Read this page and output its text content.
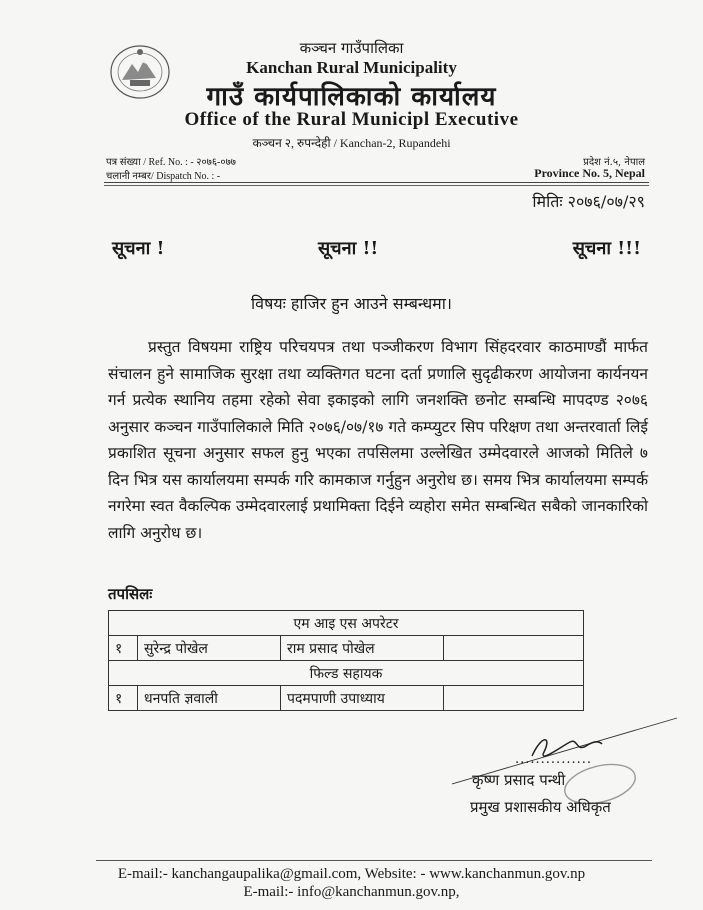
कञ्चन गाउँपालिका
Kanchan Rural Municipality
गाउँ कार्यपालिकाको कार्यालय
Office of the Rural Municipl Executive
कञ्चन २, रुपन्देही / Kanchan-2, Rupandehi
पत्र संख्या / Ref. No. : - २०७६-०७७
चलानी नम्बर/ Dispatch No. : -
प्रदेश नं.५, नेपाल
Province No. 5, Nepal
मितिः २०७६/०७/२९
सूचना !	सूचना !!	सूचना !!!
विषयः हाजिर हुन आउने सम्बन्धमा।
प्रस्तुत विषयमा राष्ट्रिय परिचयपत्र तथा पञ्जीकरण विभाग सिंहदरवार काठमाण्डौं मार्फत संचालन हुने सामाजिक सुरक्षा तथा व्यक्तिगत घटना दर्ता प्रणालि सुदृढीकरण आयोजना कार्यनयन गर्न प्रत्येक स्थानिय तहमा रहेको सेवा इकाइको लागि जनशक्ति छनोट सम्बन्धि मापदण्ड २०७६ अनुसार कञ्चन गाउँपालिकाले मिति २०७६/०७/१७ गते कम्प्युटर सिप परिक्षण तथा अन्तरवार्ता लिई प्रकाशित सूचना अनुसार सफल हुनु भएका तपसिलमा उल्लेखित उम्मेदवारले आजको मितिले ७ दिन भित्र यस कार्यालयमा सम्पर्क गरि कामकाज गर्नुहुन अनुरोध छ। समय भित्र कार्यालयमा सम्पर्क नगरेमा स्वत वैकल्पिक उम्मेदवारलाई प्रथामिक्ता दिईने व्यहोरा समेत सम्बन्धित सबैको जानकारिको लागि अनुरोध छ।
तपसिलः
एम आइ एस अपरेटर			
१	सुरेन्द्र पोखेल	राम प्रसाद पोखेल	
फिल्ड सहायक			
१	धनपति ज्ञवाली	पदमपाणी उपाध्याय	
...............
कृष्ण प्रसाद पन्थी
प्रमुख प्रशासकीय अधिकृत
E-mail:- kanchangaupalika@gmail.com, Website: - www.kanchanmun.gov.np
E-mail:- info@kanchanmun.gov.np,
